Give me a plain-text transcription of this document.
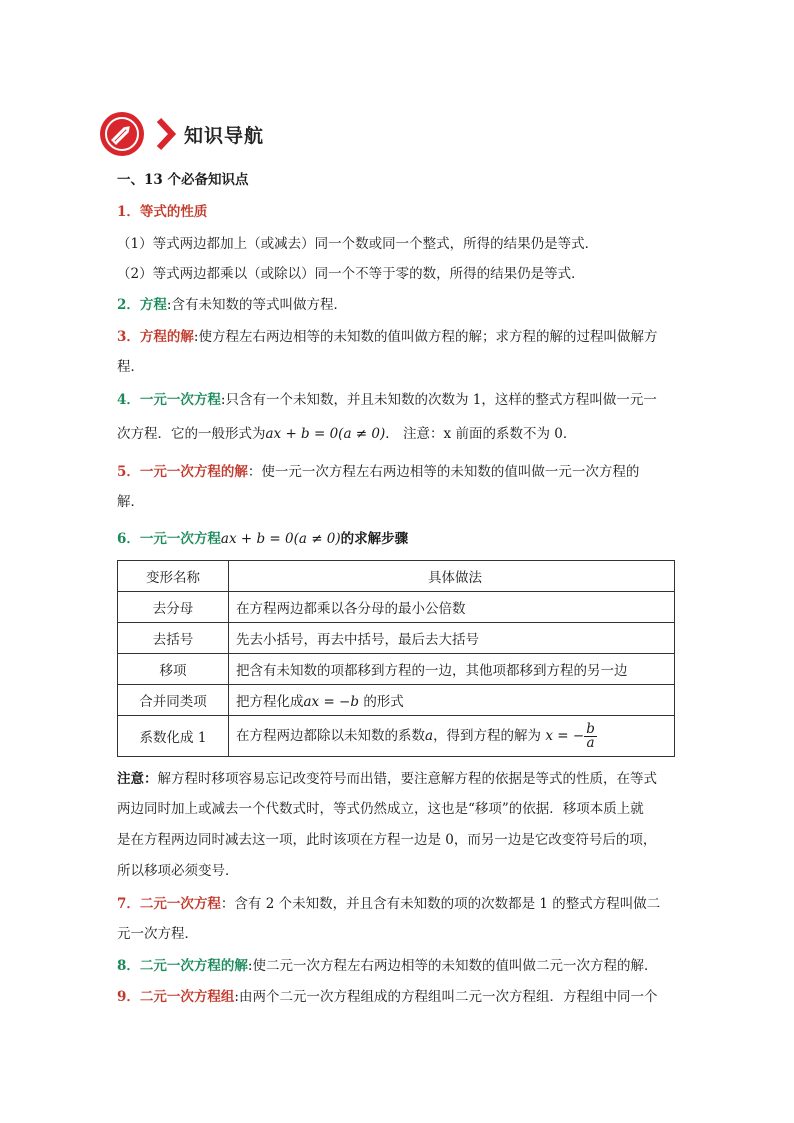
知识导航
一、13 个必备知识点
1．等式的性质
（1）等式两边都加上（或减去）同一个数或同一个整式，所得的结果仍是等式．
（2）等式两边都乘以（或除以）同一个不等于零的数，所得的结果仍是等式．
2．方程:含有未知数的等式叫做方程．
3．方程的解:使方程左右两边相等的未知数的值叫做方程的解；求方程的解的过程叫做解方
程．
4．一元一次方程:只含有一个未知数，并且未知数的次数为 1，这样的整式方程叫做一元一
次方程．它的一般形式为ax + b = 0(a ≠ 0)． 注意：x 前面的系数不为 0．
5．一元一次方程的解：使一元一次方程左右两边相等的未知数的值叫做一元一次方程的
解．
6．一元一次方程ax + b = 0(a ≠ 0)的求解步骤
变形名称	具体做法
去分母	在方程两边都乘以各分母的最小公倍数
去括号	先去小括号，再去中括号，最后去大括号
移项	把含有未知数的项都移到方程的一边，其他项都移到方程的另一边
合并同类项	把方程化成ax = −b 的形式
系数化成 1	在方程两边都除以未知数的系数a，得到方程的解为 x = − $\frac{b}{a}$
注意：解方程时移项容易忘记改变符号而出错，要注意解方程的依据是等式的性质，在等式
两边同时加上或减去一个代数式时，等式仍然成立，这也是“移项”的依据．移项本质上就
是在方程两边同时减去这一项，此时该项在方程一边是 0，而另一边是它改变符号后的项，
所以移项必须变号．
7．二元一次方程：含有 2 个未知数，并且含有未知数的项的次数都是 1 的整式方程叫做二
元一次方程．
8．二元一次方程的解:使二元一次方程左右两边相等的未知数的值叫做二元一次方程的解．
9．二元一次方程组:由两个二元一次方程组成的方程组叫二元一次方程组．方程组中同一个
